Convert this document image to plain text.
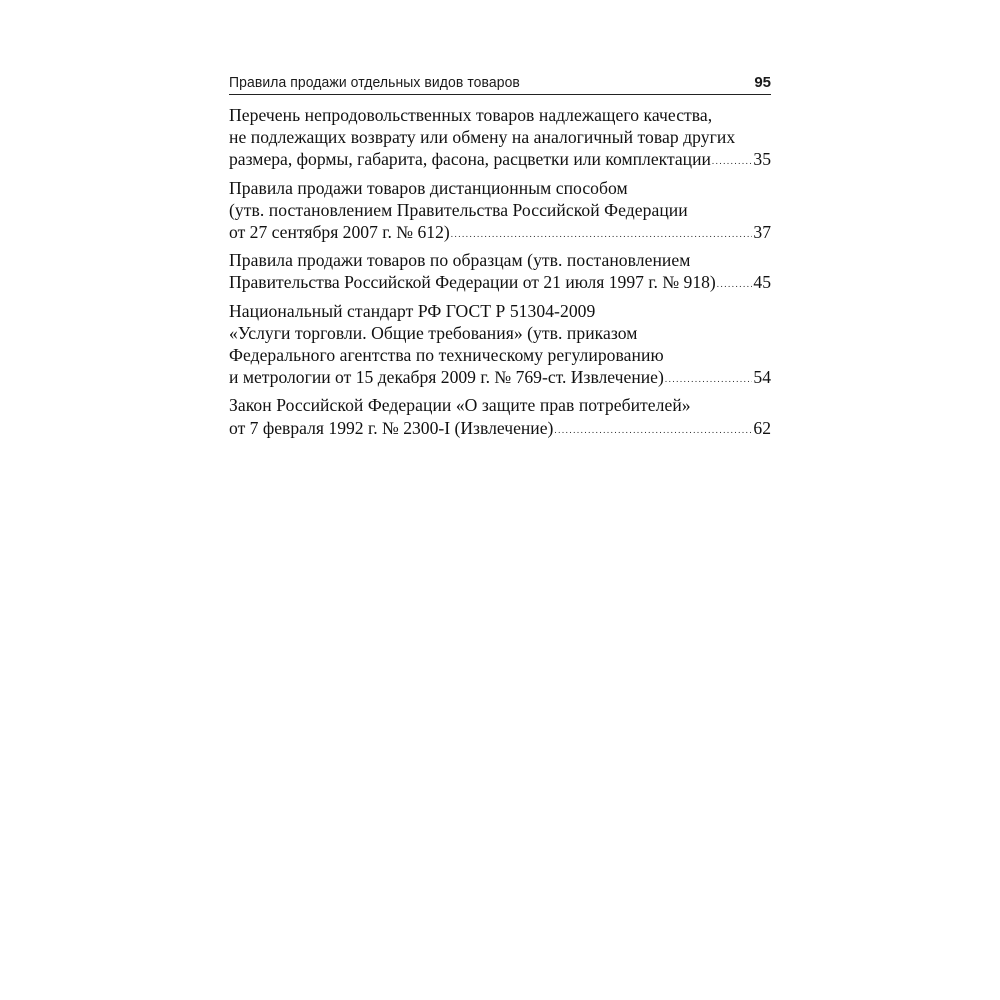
Правила продажи отдельных видов товаров	95
Перечень непродовольственных товаров надлежащего качества,
не подлежащих возврату или обмену на аналогичный товар других
размера, формы, габарита, фасона, расцветки или комплектации ..... 35
Правила продажи товаров дистанционным способом
(утв. постановлением Правительства Российской Федерации
от 27 сентября 2007 г. № 612) .....	37
Правила продажи товаров по образцам (утв. постановлением
Правительства Российской Федерации от 21 июля 1997 г. № 918) ..... 45
Национальный стандарт РФ ГОСТ Р 51304-2009
«Услуги торговли. Общие требования» (утв. приказом
Федерального агентства по техническому регулированию
и метрологии от 15 декабря 2009 г. № 769-ст. Извлечение) .....	54
Закон Российской Федерации «О защите прав потребителей»
от 7 февраля 1992 г. № 2300-I (Извлечение) .....	62
